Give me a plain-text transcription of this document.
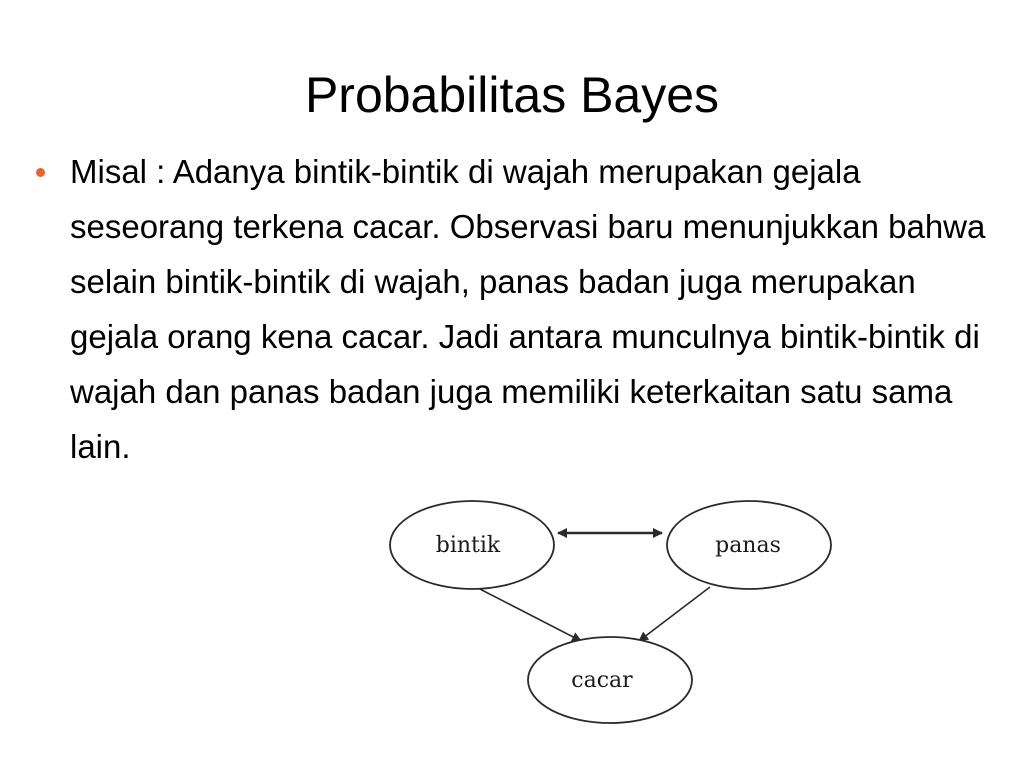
Probabilitas Bayes

Misal : Adanya bintik-bintik di wajah merupakan gejala seseorang terkena cacar. Observasi baru menunjukkan bahwa selain bintik-bintik di wajah, panas badan juga merupakan gejala orang kena cacar. Jadi antara munculnya bintik-bintik di wajah dan panas badan juga memiliki keterkaitan satu sama lain.

bintik	panas
cacar
